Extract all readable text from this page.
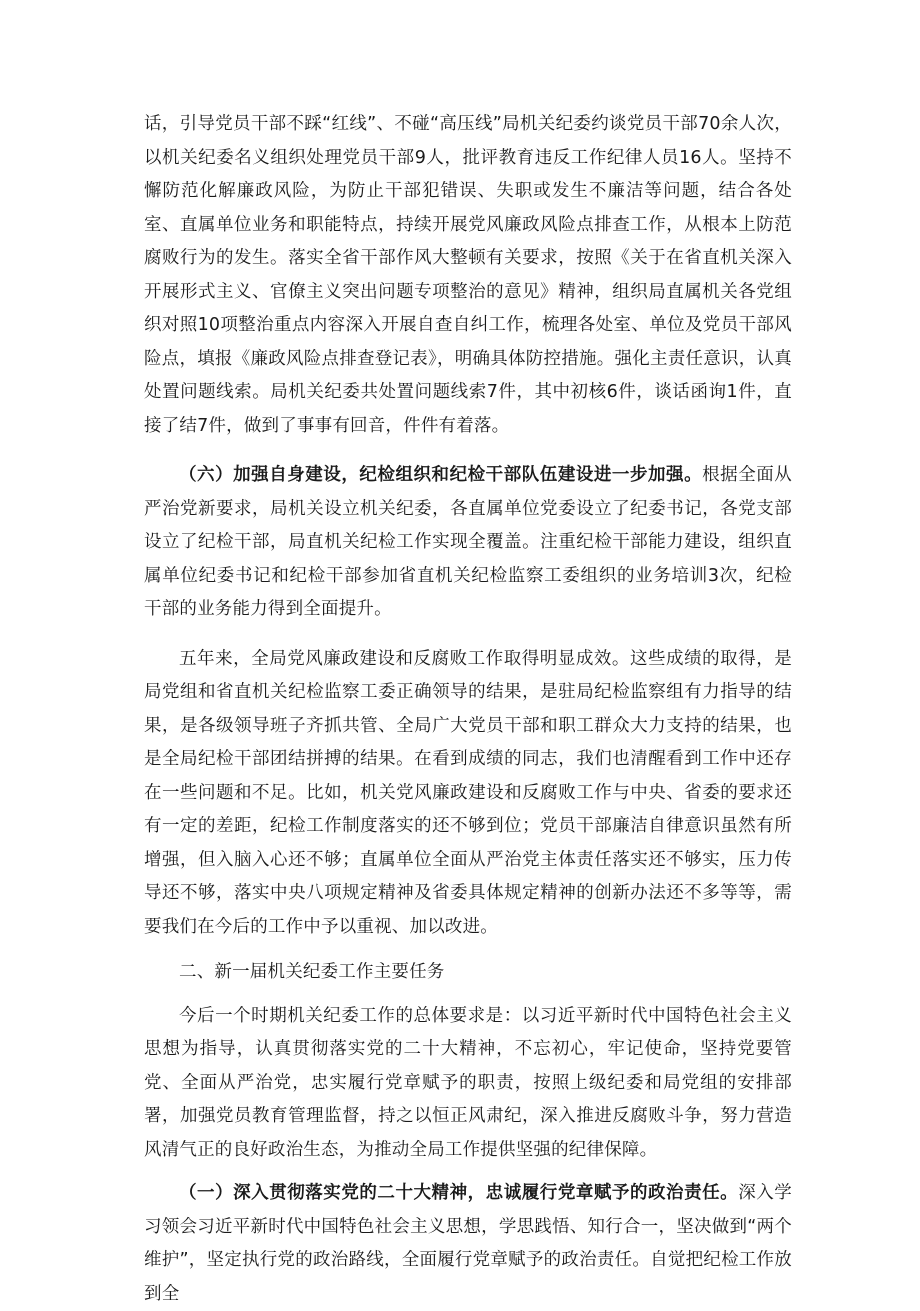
话，引导党员干部不踩“红线”、不碰“高压线”局机关纪委约谈党员干部70余人次，以机关纪委名义组织处理党员干部9人，批评教育违反工作纪律人员16人。坚持不懈防范化解廉政风险，为防止干部犯错误、失职或发生不廉洁等问题，结合各处室、直属单位业务和职能特点，持续开展党风廉政风险点排查工作，从根本上防范腐败行为的发生。落实全省干部作风大整顿有关要求，按照《关于在省直机关深入开展形式主义、官僚主义突出问题专项整治的意见》精神，组织局直属机关各党组织对照10项整治重点内容深入开展自查自纠工作，梳理各处室、单位及党员干部风险点，填报《廉政风险点排查登记表》，明确具体防控措施。强化主责任意识，认真处置问题线索。局机关纪委共处置问题线索7件，其中初核6件，谈话函询1件，直接了结7件，做到了事事有回音，件件有着落。

（六）加强自身建设，纪检组织和纪检干部队伍建设进一步加强。根据全面从严治党新要求，局机关设立机关纪委，各直属单位党委设立了纪委书记，各党支部设立了纪检干部，局直机关纪检工作实现全覆盖。注重纪检干部能力建设，组织直属单位纪委书记和纪检干部参加省直机关纪检监察工委组织的业务培训3次，纪检干部的业务能力得到全面提升。

五年来，全局党风廉政建设和反腐败工作取得明显成效。这些成绩的取得，是局党组和省直机关纪检监察工委正确领导的结果，是驻局纪检监察组有力指导的结果，是各级领导班子齐抓共管、全局广大党员干部和职工群众大力支持的结果，也是全局纪检干部团结拼搏的结果。在看到成绩的同志，我们也清醒看到工作中还存在一些问题和不足。比如，机关党风廉政建设和反腐败工作与中央、省委的要求还有一定的差距，纪检工作制度落实的还不够到位；党员干部廉洁自律意识虽然有所增强，但入脑入心还不够；直属单位全面从严治党主体责任落实还不够实，压力传导还不够，落实中央八项规定精神及省委具体规定精神的创新办法还不多等等，需要我们在今后的工作中予以重视、加以改进。

二、新一届机关纪委工作主要任务

今后一个时期机关纪委工作的总体要求是：以习近平新时代中国特色社会主义思想为指导，认真贯彻落实党的二十大精神，不忘初心，牢记使命，坚持党要管党、全面从严治党，忠实履行党章赋予的职责，按照上级纪委和局党组的安排部署，加强党员教育管理监督，持之以恒正风肃纪，深入推进反腐败斗争，努力营造风清气正的良好政治生态，为推动全局工作提供坚强的纪律保障。

（一）深入贯彻落实党的二十大精神，忠诚履行党章赋予的政治责任。深入学习领会习近平新时代中国特色社会主义思想，学思践悟、知行合一，坚决做到“两个维护”，坚定执行党的政治路线，全面履行党章赋予的政治责任。自觉把纪检工作放到全
